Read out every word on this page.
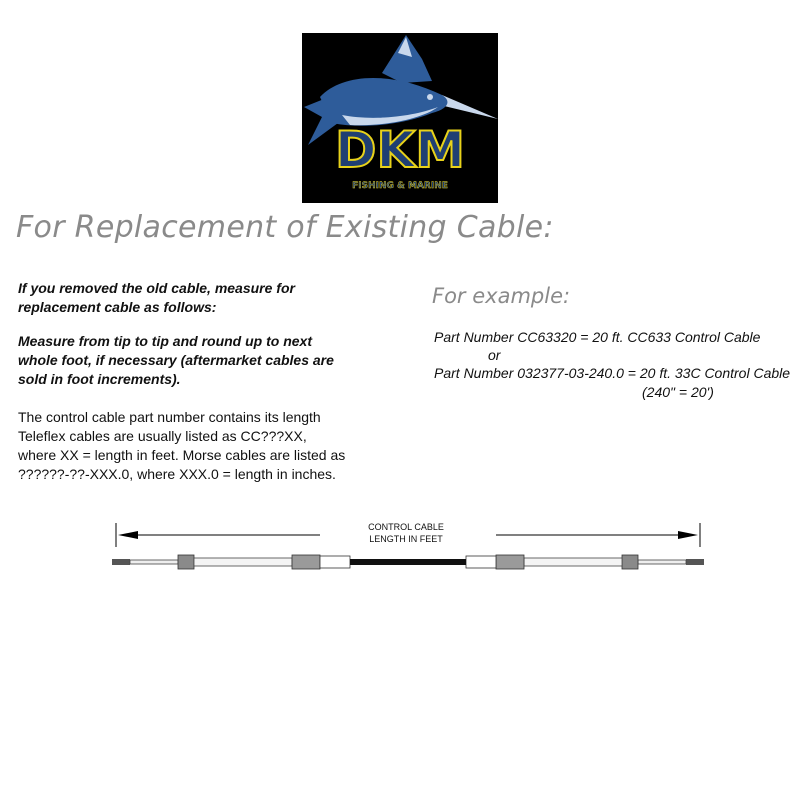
DKM
FISHING & MARINE
For Replacement of Existing Cable:

If you removed the old cable, measure for
replacement cable as follows:

Measure from tip to tip and round up to next
whole foot, if necessary (aftermarket cables are
sold in foot increments).

The control cable part number contains its length
Teleflex cables are usually listed as CC???XX,
where XX = length in feet. Morse cables are listed as
??????-??-XXX.0, where XXX.0 = length in inches.

For example:

Part Number CC63320 = 20 ft. CC633 Control Cable

or

Part Number 032377-03-240.0 = 20 ft. 33C Control Cable

(240" = 20')

CONTROL CABLE
LENGTH IN FEET
